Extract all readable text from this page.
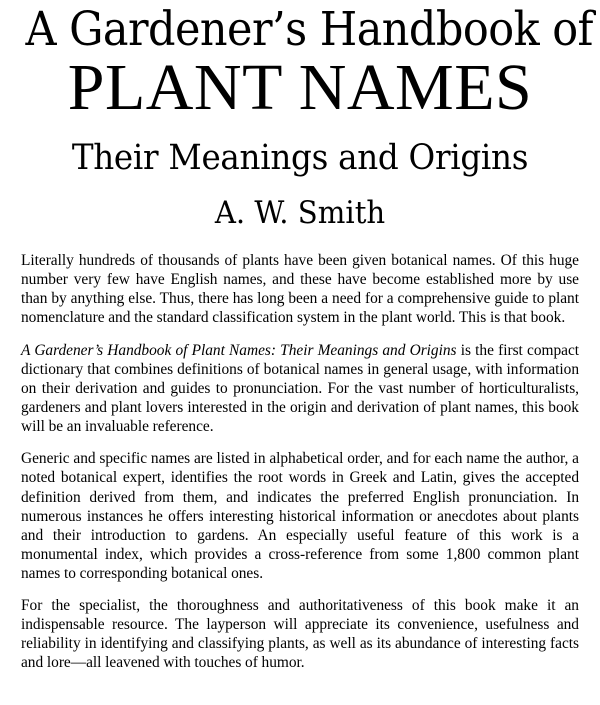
A Gardener’s Handbook of
PLANT NAMES
Their Meanings and Origins
A. W. Smith

Literally hundreds of thousands of plants have been given botanical names. Of this huge number very few have English names, and these have become established more by use than by anything else. Thus, there has long been a need for a comprehensive guide to plant nomenclature and the standard classification system in the plant world. This is that book.

A Gardener’s Handbook of Plant Names: Their Meanings and Origins is the first compact dictionary that combines definitions of botanical names in general usage, with information on their derivation and guides to pronunciation. For the vast number of horticulturalists, gardeners and plant lovers interested in the origin and derivation of plant names, this book will be an invaluable reference.

Generic and specific names are listed in alphabetical order, and for each name the author, a noted botanical expert, identifies the root words in Greek and Latin, gives the accepted definition derived from them, and indicates the preferred English pronunciation. In numerous instances he offers interesting historical information or anecdotes about plants and their introduction to gardens. An especially useful feature of this work is a monumental index, which provides a cross-reference from some 1,800 common plant names to corresponding botanical ones.

For the specialist, the thoroughness and authoritativeness of this book make it an indispensable resource. The layperson will appreciate its convenience, usefulness and reliability in identifying and classifying plants, as well as its abundance of interesting facts and lore—all leavened with touches of humor.
